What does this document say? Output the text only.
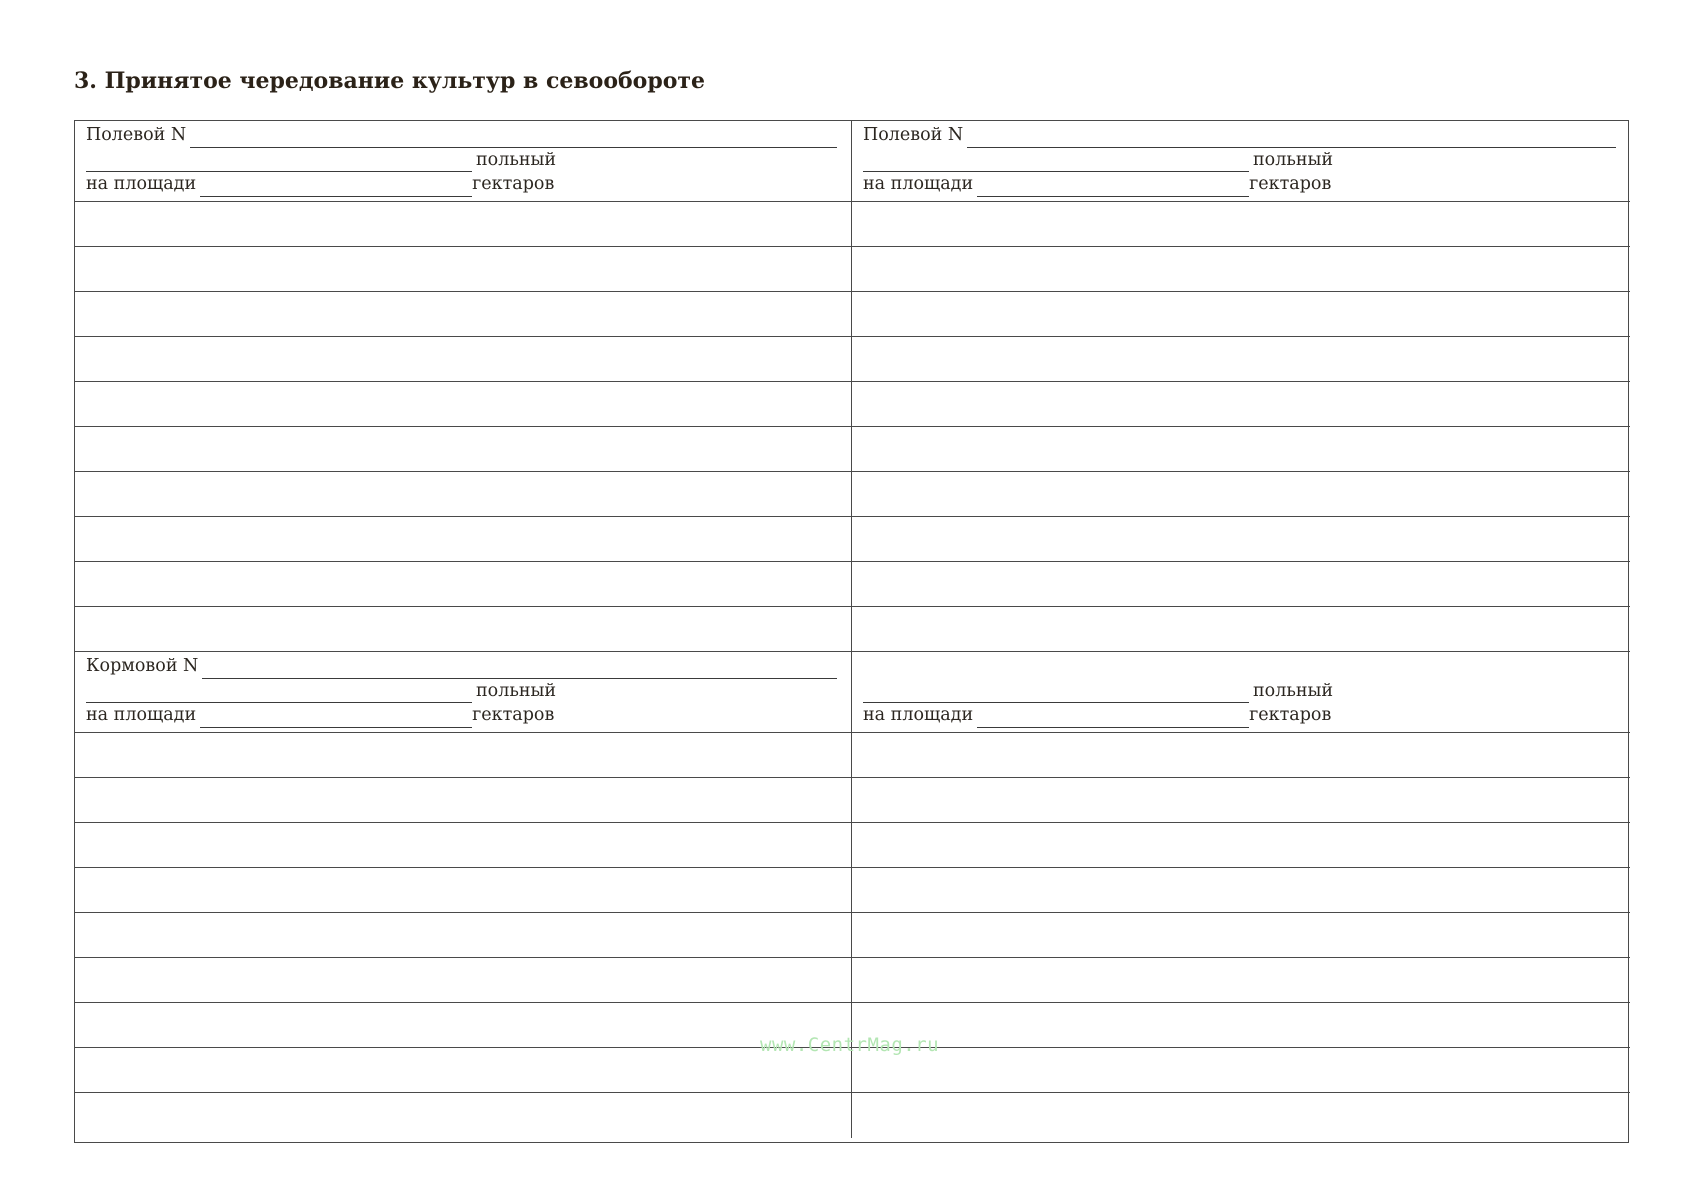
3. Принятое чередование культур в севообороте
Полевой N
польный
на площади	гектаров
Полевой N
польный
на площади	гектаров
Кормовой N
польный
на площади	гектаров
польный
на площади	гектаров
www.CentrMag.ru
